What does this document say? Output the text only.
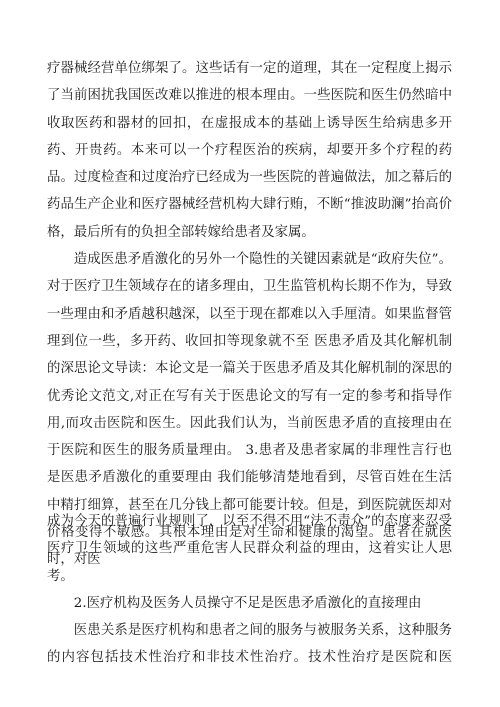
疗器械经营单位绑架了。这些话有一定的道理，其在一定程度上揭示了当前困扰我国医改难以推进的根本理由。一些医院和医生仍然暗中收取医药和器材的回扣，在虚报成本的基础上诱导医生给病患多开药、开贵药。本来可以一个疗程医治的疾病，却要开多个疗程的药品。过度检查和过度治疗已经成为一些医院的普遍做法，加之幕后的药品生产企业和医疗器械经营机构大肆行贿，不断“推波助澜”抬高价格，最后所有的负担全部转嫁给患者及家属。

造成医患矛盾激化的另外一个隐性的关键因素就是“政府失位”。对于医疗卫生领域存在的诸多理由，卫生监管机构长期不作为，导致一些理由和矛盾越积越深，以至于现在都难以入手厘清。如果监督管理到位一些，多开药、收回扣等现象就不至 医患矛盾及其化解机制的深思论文导读：本论文是一篇关于医患矛盾及其化解机制的深思的优秀论文范文,对正在写有关于医患论文的写有一定的参考和指导作用,而攻击医院和医生。因此我们认为，当前医患矛盾的直接理由在于医院和医生的服务质量理由。 3.患者及患者家属的非理性言行也是医患矛盾激化的重要理由 我们能够清楚地看到，尽管百姓在生活中精打细算，甚至在几分钱上都可能要计较。但是，到医院就医却对价格变得不敏感。其根本理由是对生命和健康的渴望。患者在就医时，对医

成为今天的普遍行业规则了，以至不得不用“法不责众”的态度来忍受医疗卫生领域的这些严重危害人民群众利益的理由，这着实让人思考。

2.医疗机构及医务人员操守不足是医患矛盾激化的直接理由

医患关系是医疗机构和患者之间的服务与被服务关系，这种服务的内容包括技术性治疗和非技术性治疗。技术性治疗是医院和医
